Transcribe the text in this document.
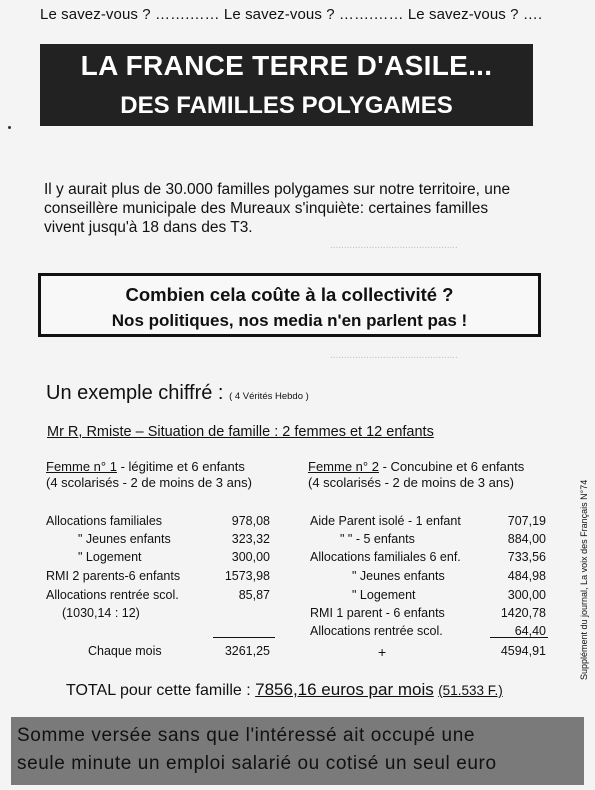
..............................................
..............................................
Le savez-vous ? …….…… Le savez-vous ? …….…… Le savez-vous ? ….
LA FRANCE TERRE D'ASILE...
DES FAMILLES POLYGAMES
Il y aurait plus de 30.000 familles polygames sur notre territoire, une conseillère municipale des Mureaux s'inquiète: certaines familles vivent jusqu'à 18 dans des T3.
Combien cela coûte à la collectivité ?
Nos politiques, nos media n'en parlent pas !
Un exemple chiffré : ( 4 Vérités Hebdo )
Mr R, Rmiste – Situation de famille : 2 femmes et 12 enfants
Femme n° 1 - légitime et 6 enfants
(4 scolarisés - 2 de moins de 3 ans)
Allocations familiales	978,08
" Jeunes enfants	323,32
" Logement	300,00
RMI 2 parents-6 enfants	1573,98
Allocations rentrée scol.	85,87
(1030,14 : 12)
Chaque mois	3261,25
Femme n° 2 - Concubine et 6 enfants
(4 scolarisés - 2 de moins de 3 ans)
Aide Parent isolé - 1 enfant	707,19
" " - 5 enfants	884,00
Allocations familiales 6 enf.	733,56
" Jeunes enfants	484,98
" Logement	300,00
RMI 1 parent - 6 enfants	1420,78
Allocations rentrée scol.	64,40
+	4594,91
TOTAL pour cette famille : 7856,16 euros par mois (51.533 F.)
Supplément du journal, La voix des Français N°74
Somme versée sans que l'intéressé ait occupé une
seule minute un emploi salarié ou cotisé un seul euro
